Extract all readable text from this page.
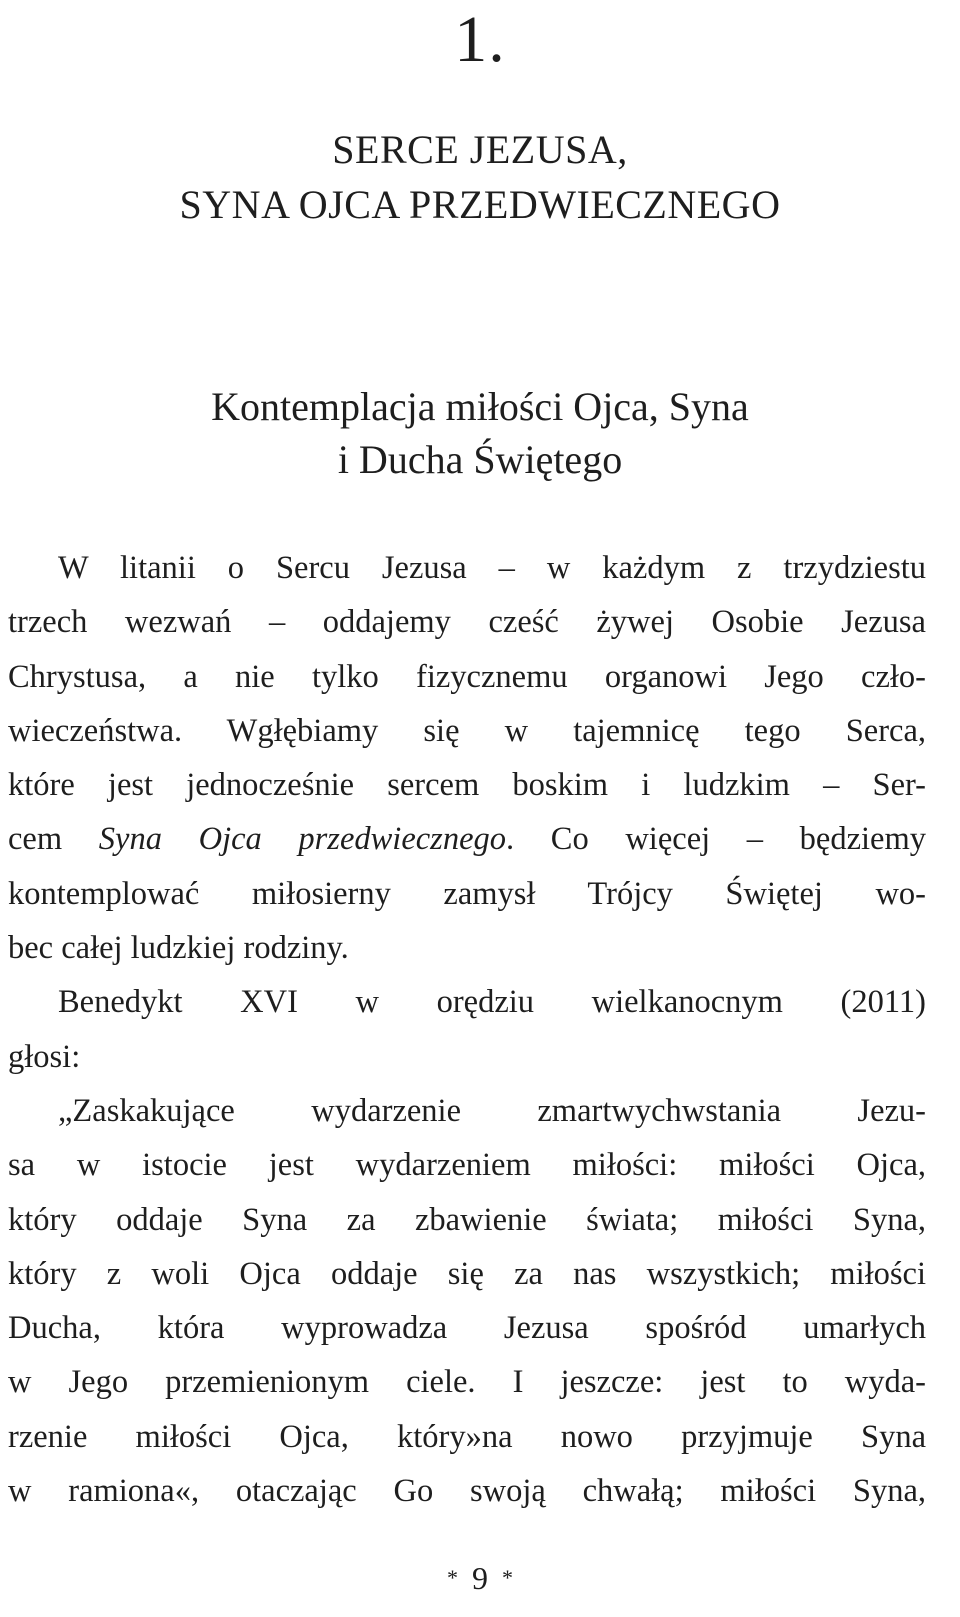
1.
SERCE JEZUSA,
SYNA OJCA PRZEDWIECZNEGO
Kontemplacja miłości Ojca, Syna
i Ducha Świętego
W litanii o Sercu Jezusa – w każdym z trzydziestu
trzech wezwań – oddajemy cześć żywej Osobie Jezusa
Chrystusa, a nie tylko fizycznemu organowi Jego czło-
wieczeństwa. Wgłębiamy się w tajemnicę tego Serca,
które jest jednocześnie sercem boskim i ludzkim – Ser-
cem Syna Ojca przedwiecznego. Co więcej – będziemy
kontemplować miłosierny zamysł Trójcy Świętej wo-
bec całej ludzkiej rodziny.
Benedykt XVI w orędziu wielkanocnym (2011)
głosi:
„Zaskakujące wydarzenie zmartwychwstania Jezu-
sa w istocie jest wydarzeniem miłości: miłości Ojca,
który oddaje Syna za zbawienie świata; miłości Syna,
który z woli Ojca oddaje się za nas wszystkich; miłości
Ducha, która wyprowadza Jezusa spośród umarłych
w Jego przemienionym ciele. I jeszcze: jest to wyda-
rzenie miłości Ojca, który»na nowo przyjmuje Syna
w ramiona«, otaczając Go swoją chwałą; miłości Syna,
* 9 *
